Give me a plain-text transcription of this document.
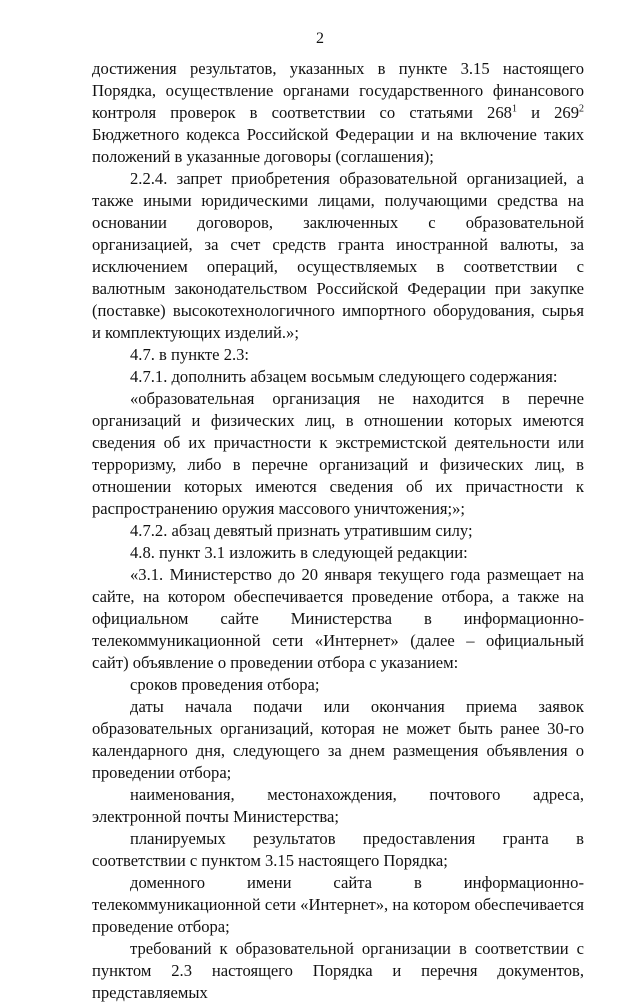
2

достижения результатов, указанных в пункте 3.15 настоящего Порядка, осуществление органами государственного финансового контроля проверок в соответствии со статьями $268^1$ и $269^2$ Бюджетного кодекса Российской Федерации и на включение таких положений в указанные договоры (соглашения);

2.2.4. запрет приобретения образовательной организацией, а также иными юридическими лицами, получающими средства на основании договоров, заключенных с образовательной организацией, за счет средств гранта иностранной валюты, за исключением операций, осуществляемых в соответствии с валютным законодательством Российской Федерации при закупке (поставке) высокотехнологичного импортного оборудования, сырья и комплектующих изделий.»;

4.7. в пункте 2.3:

4.7.1. дополнить абзацем восьмым следующего содержания:

«образовательная организация не находится в перечне организаций и физических лиц, в отношении которых имеются сведения об их причастности к экстремистской деятельности или терроризму, либо в перечне организаций и физических лиц, в отношении которых имеются сведения об их причастности к распространению оружия массового уничтожения;»;

4.7.2. абзац девятый признать утратившим силу;

4.8. пункт 3.1 изложить в следующей редакции:

«3.1. Министерство до 20 января текущего года размещает на сайте, на котором обеспечивается проведение отбора, а также на официальном сайте Министерства в информационно-телекоммуникационной сети «Интернет» (далее – официальный сайт) объявление о проведении отбора с указанием:

сроков проведения отбора;

даты начала подачи или окончания приема заявок образовательных организаций, которая не может быть ранее 30-го календарного дня, следующего за днем размещения объявления о проведении отбора;

наименования, местонахождения, почтового адреса, электронной почты Министерства;

планируемых результатов предоставления гранта в соответствии с пунктом 3.15 настоящего Порядка;

доменного имени сайта в информационно-телекоммуникационной сети «Интернет», на котором обеспечивается проведение отбора;

требований к образовательной организации в соответствии с пунктом 2.3 настоящего Порядка и перечня документов, представляемых
